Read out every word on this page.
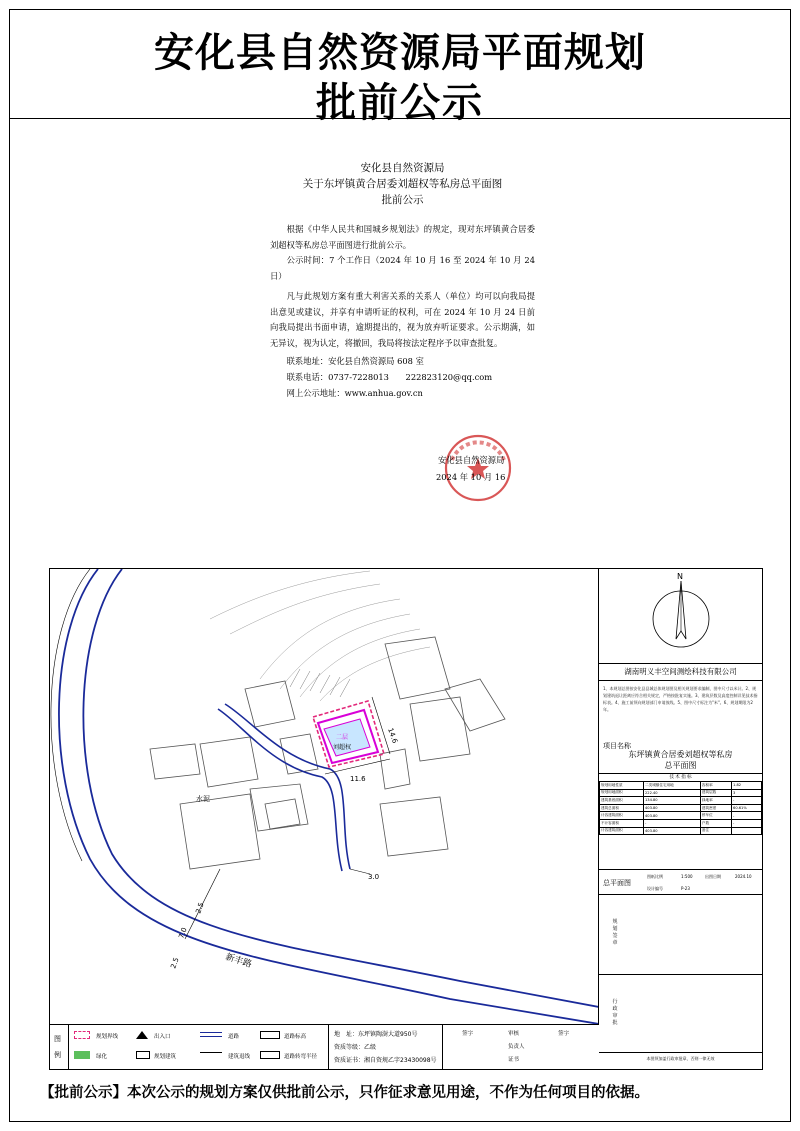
安化县自然资源局平面规划
批前公示
安化县自然资源局
关于东坪镇黄合居委刘超权等私房总平面图
批前公示

根据《中华人民共和国城乡规划法》的规定，现对东坪镇黄合居委刘超权等私房总平面图进行批前公示。

公示时间：7 个工作日（2024 年 10 月 16 至 2024 年 10 月 24 日）

凡与此规划方案有重大利害关系的关系人（单位）均可以向我局提出意见或建议，并享有申请听证的权利，可在 2024 年 10 月 24 日前向我局提出书面申请，逾期提出的，视为放弃听证要求。公示期满，如无异议，视为认定，将撤回，我局将按法定程序予以审查批复。

联系地址：安化县自然资源局 608 室
联系电话：0737-7228013　　222823120@qq.com
网上公示地址：www.anhua.gov.cn
安化县自然资源局
2024 年 10 月 16
二层
刘超权
11.6
14.6
3.0
2.5
7.0
2.5
新丰路
水泥
N
湖南明义丰空间测绘科技有限公司
1、本规划总图按安化县县城总体规划图及相关规划要求编制，图中尺寸以米计。2、规划建筑退让距离应符合相关规定，严格按批复实施。3、建筑层数及高度控制详见技术指标表。4、施工前须向规划部门申请放线。5、图中尺寸标注为"米"。6、规划期限为2年。
项目名称
东坪镇黄合居委刘超权等私房
总平面图
技 术 指 标
规划用地性质	二类城镇住宅用地	容积率	1.82
规划用地面积	222.40	建筑层数	3
建筑基底面积	134.80	绿地率	-
建筑总面积	403.80	建筑密度	60.61%
计容建筑面积	403.80	停车位	-
不计容面积	-	户数	-
计容建筑面积	403.80	备注	
总平面图
图纸比例	1:500	出图日期	2024.10
设计编号	P-23
规划签章
行政审批
本图须加盖行政审批章，否则一律无效
图例
规划界线
绿化
出入口
规划建筑
道路
建筑退线
道路标高
道路转弯半径
地　址：东坪镇陶澍大道950号
资质等级：乙级
资质证书：湘自资规乙字23430098号
签字	审核
负责人
证书
签字
【批前公示】本次公示的规划方案仅供批前公示，只作征求意见用途，不作为任何项目的依据。
